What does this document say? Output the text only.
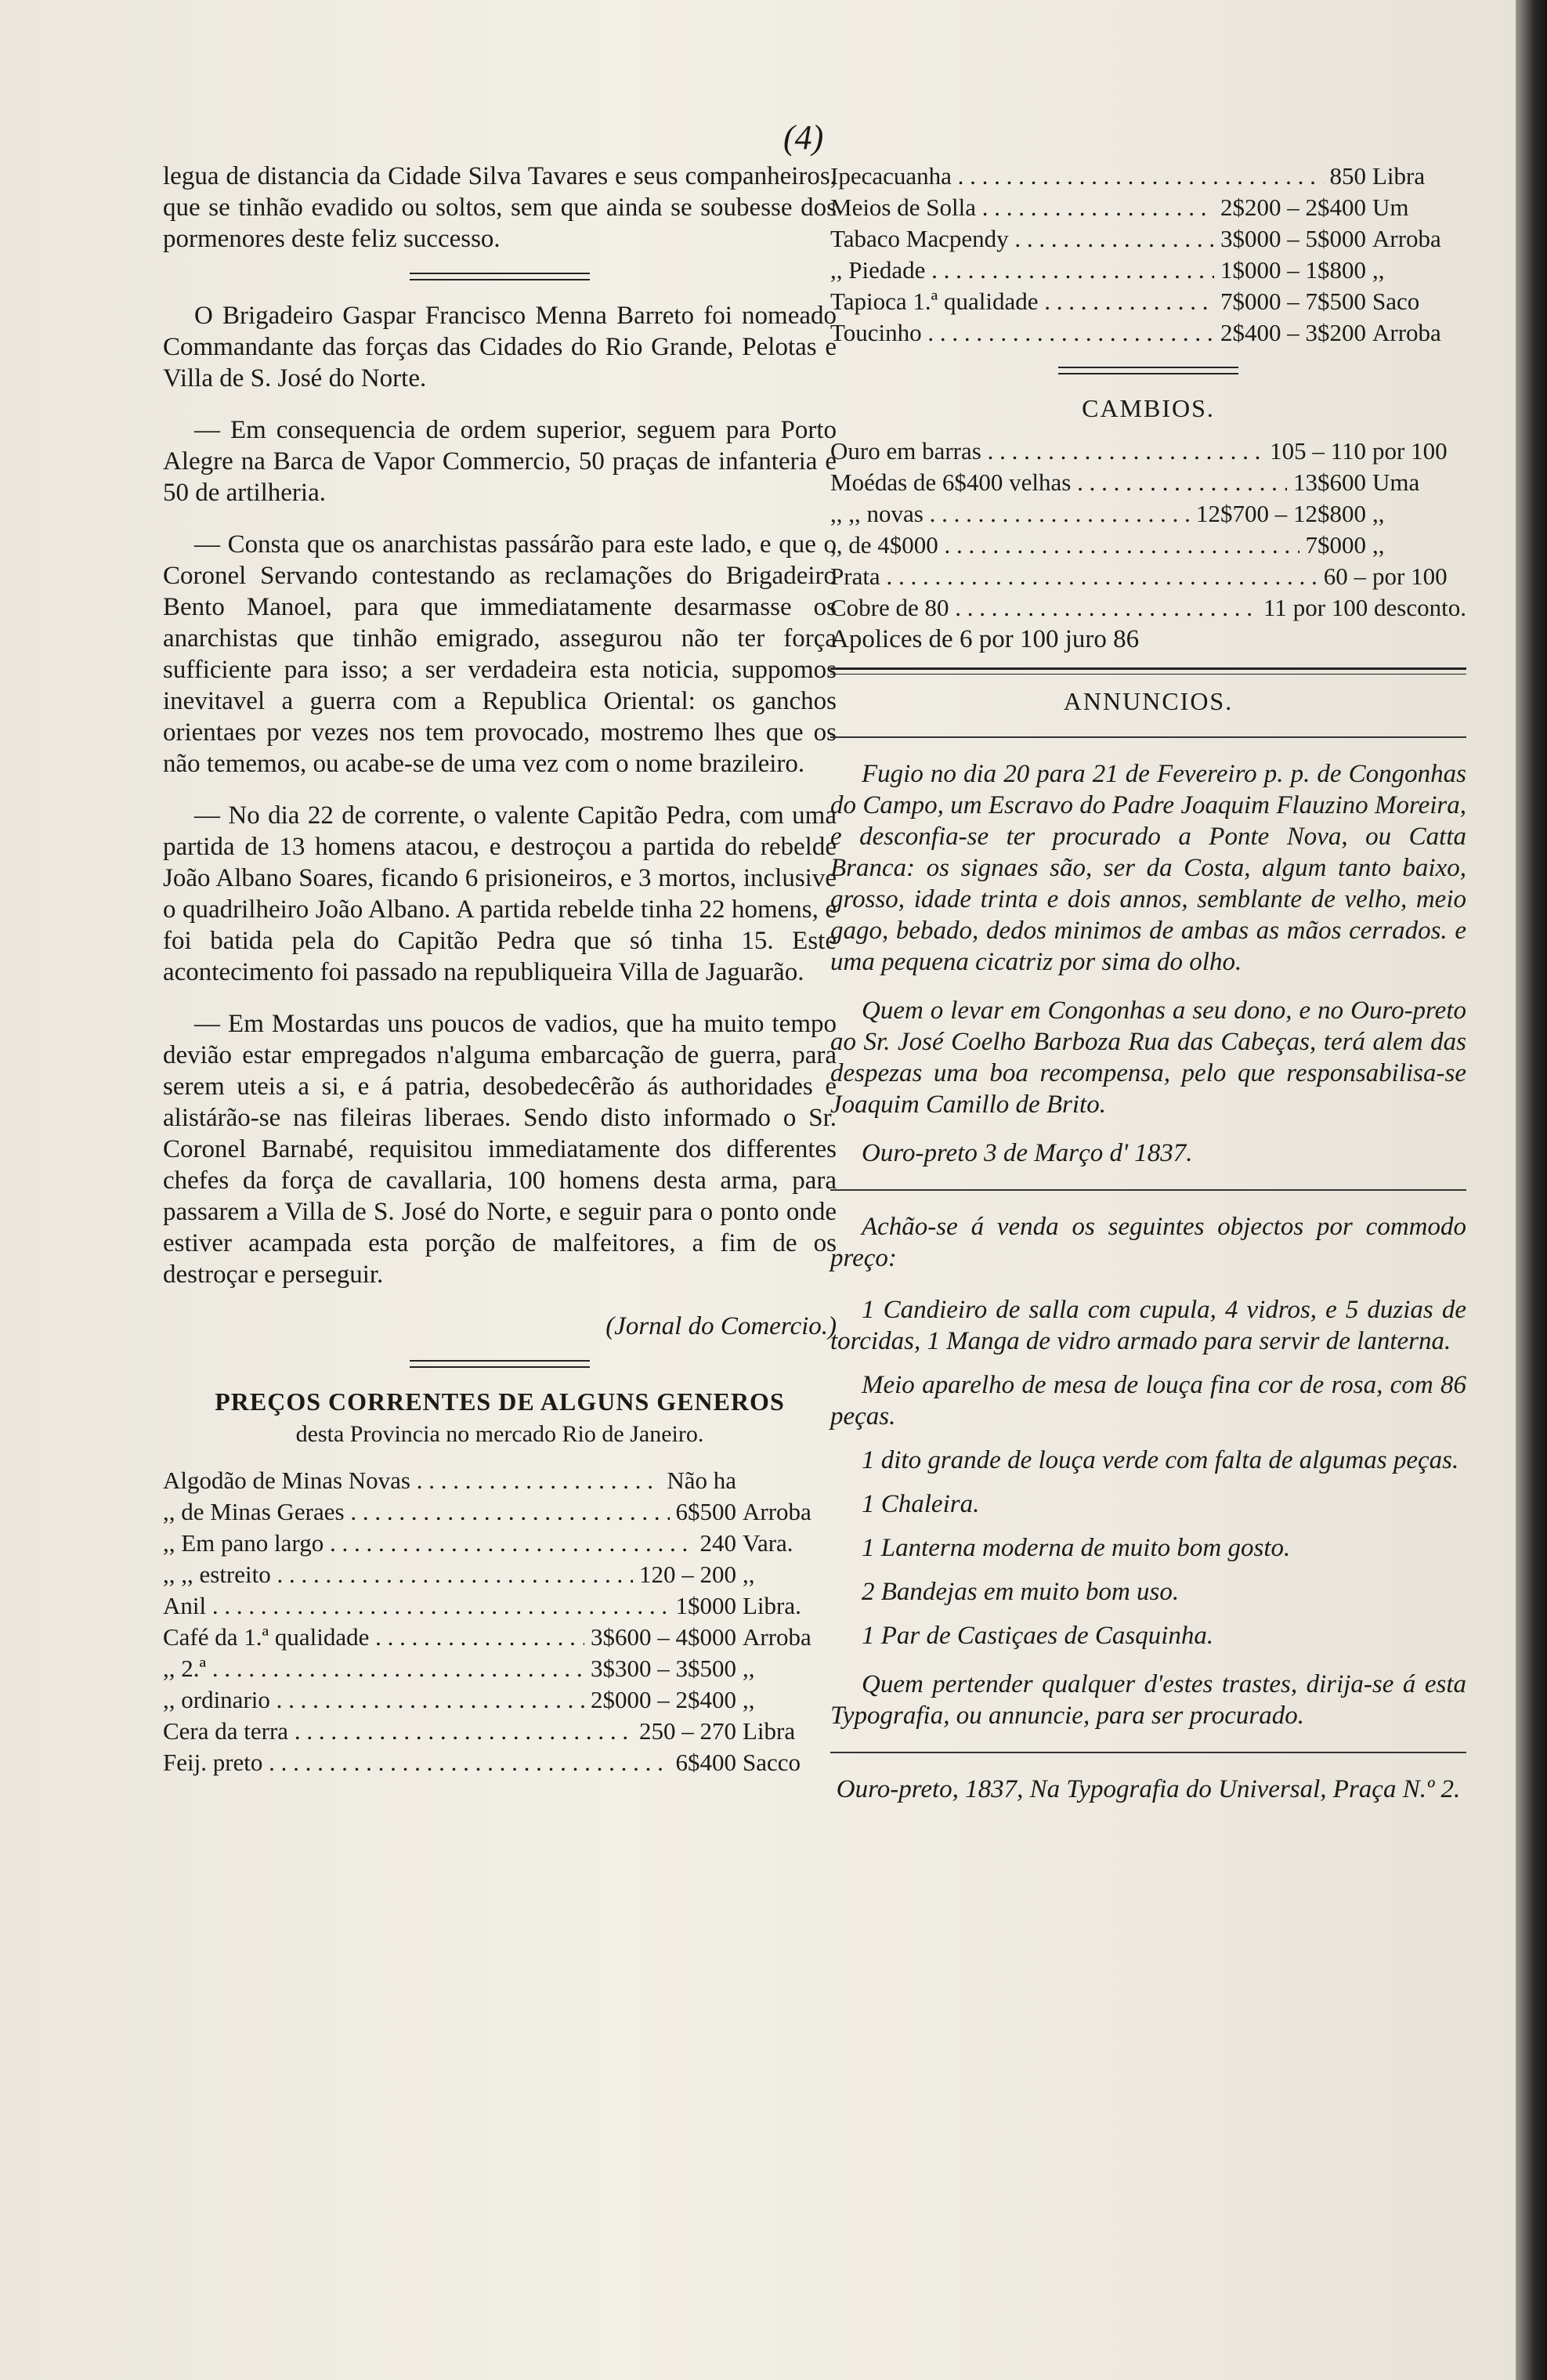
(4)

legua de distancia da Cidade Silva Tavares e seus companheiros, que se tinhão evadido ou soltos, sem que ainda se soubesse dos pormenores deste feliz successo.

O Brigadeiro Gaspar Francisco Menna Barreto foi nomeado Commandante das forças das Cidades do Rio Grande, Pelotas e Villa de S. José do Norte.

— Em consequencia de ordem superior, seguem para Porto Alegre na Barca de Vapor Commercio, 50 praças de infanteria e 50 de artilheria.

— Consta que os anarchistas passárão para este lado, e que o Coronel Servando contestando as reclamações do Brigadeiro Bento Manoel, para que immediatamente desarmasse os anarchistas que tinhão emigrado, assegurou não ter força sufficiente para isso; a ser verdadeira esta noticia, suppomos inevitavel a guerra com a Republica Oriental: os ganchos orientaes por vezes nos tem provocado, mostremo lhes que os não tememos, ou acabe-se de uma vez com o nome brazileiro.

— No dia 22 de corrente, o valente Capitão Pedra, com uma partida de 13 homens atacou, e destroçou a partida do rebelde João Albano Soares, ficando 6 prisioneiros, e 3 mortos, inclusive o quadrilheiro João Albano. A partida rebelde tinha 22 homens, e foi batida pela do Capitão Pedra que só tinha 15. Este acontecimento foi passado na republiqueira Villa de Jaguarão.

— Em Mostardas uns poucos de vadios, que ha muito tempo devião estar empregados n'alguma embarcação de guerra, para serem uteis a si, e á patria, desobedecêrão ás authoridades e alistárão-se nas fileiras liberaes. Sendo disto informado o Sr. Coronel Barnabé, requisitou immediatamente dos differentes chefes da força de cavallaria, 100 homens desta arma, para passarem a Villa de S. José do Norte, e seguir para o ponto onde estiver acampada esta porção de malfeitores, a fim de os destroçar e perseguir.

(Jornal do Comercio.)

PREÇOS CORRENTES DE ALGUNS GENEROS
desta Provincia no mercado Rio de Janeiro.
Algodão de Minas Novas . . .	Não ha
,, de Minas Geraes . . .	6$500 Arroba
,, Em pano largo . . .	240 Vara.
,, ,, estreito . . .	120 – 200 ,,
Anil . . .	1$000 Libra.
Café da 1.ª qualidade . . .	3$600 – 4$000 Arroba
,, 2.ª . . .	3$300 – 3$500 ,,
,, ordinario . . .	2$000 – 2$400 ,,
Cera da terra . . .	250 – 270 Libra
Feij. preto . . .	6$400 Sacco
Ipecacuanha . . .	850 Libra
Meios de Solla . . .	2$200 – 2$400 Um
Tabaco Macpendy . . .	3$000 – 5$000 Arroba
,, Piedade . . .	1$000 – 1$800 ,,
Tapioca 1.ª qualidade . . .	7$000 – 7$500 Saco
Toucinho . . .	2$400 – 3$200 Arroba
CAMBIOS.
Ouro em barras . . .	105 – 110 por 100
Moédas de 6$400 velhas . . .	13$600 Uma
,, ,, novas . . .	12$700 – 12$800 ,,
,, de 4$000 . . .	7$000 ,,
Prata . . .	60 – por 100
Cobre de 80 . . .	11 por 100 desconto.

Apolices de 6 por 100 juro 86

ANNUNCIOS.

Fugio no dia 20 para 21 de Fevereiro p. p. de Congonhas do Campo, um Escravo do Padre Joaquim Flauzino Moreira, e desconfia-se ter procurado a Ponte Nova, ou Catta Branca: os signaes são, ser da Costa, algum tanto baixo, grosso, idade trinta e dois annos, semblante de velho, meio gago, bebado, dedos minimos de ambas as mãos cerrados. e uma pequena cicatriz por sima do olho.

Quem o levar em Congonhas a seu dono, e no Ouro-preto ao Sr. José Coelho Barboza Rua das Cabeças, terá alem das despezas uma boa recompensa, pelo que responsabilisa-se Joaquim Camillo de Brito.

Ouro-preto 3 de Março d' 1837.

Achão-se á venda os seguintes objectos por commodo preço:

1 Candieiro de salla com cupula, 4 vidros, e 5 duzias de torcidas, 1 Manga de vidro armado para servir de lanterna.

Meio aparelho de mesa de louça fina cor de rosa, com 86 peças.

1 dito grande de louça verde com falta de algumas peças.

1 Chaleira.

1 Lanterna moderna de muito bom gosto.

2 Bandejas em muito bom uso.

1 Par de Castiçaes de Casquinha.

Quem pertender qualquer d'estes trastes, dirija-se á esta Typografia, ou annuncie, para ser procurado.

Ouro-preto, 1837, Na Typografia do Universal, Praça N.º 2.
